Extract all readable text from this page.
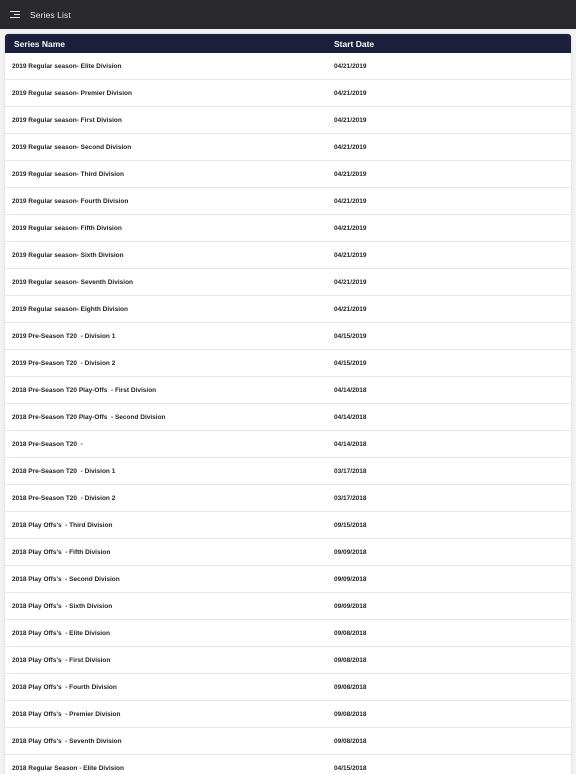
Series List
Series Name	Start Date
2019 Regular season- Elite Division	04/21/2019
2019 Regular season- Premier Division	04/21/2019
2019 Regular season- First Division	04/21/2019
2019 Regular season- Second Division	04/21/2019
2019 Regular season- Third Division	04/21/2019
2019 Regular season- Fourth Division	04/21/2019
2019 Regular season- Fifth Division	04/21/2019
2019 Regular season- Sixth Division	04/21/2019
2019 Regular season- Seventh Division	04/21/2019
2019 Regular season- Eighth Division	04/21/2019
2019 Pre-Season T20  - Division 1	04/15/2019
2019 Pre-Season T20  - Division 2	04/15/2019
2018 Pre-Season T20 Play-Offs  - First Division	04/14/2018
2018 Pre-Season T20 Play-Offs  - Second Division	04/14/2018
2018 Pre-Season T20  -	04/14/2018
2018 Pre-Season T20  - Division 1	03/17/2018
2018 Pre-Season T20  - Division 2	03/17/2018
2018 Play Offs's  - Third Division	09/15/2018
2018 Play Offs's  - Fifth Division	09/09/2018
2018 Play Offs's  - Second Division	09/09/2018
2018 Play Offs's  - Sixth Division	09/09/2018
2018 Play Offs's  - Elite Division	09/08/2018
2018 Play Offs's  - First Division	09/08/2018
2018 Play Offs's  - Fourth Division	09/08/2018
2018 Play Offs's  - Premier Division	09/08/2018
2018 Play Offs's  - Seventh Division	09/08/2018
2018 Regular Season - Elite Division	04/15/2018
